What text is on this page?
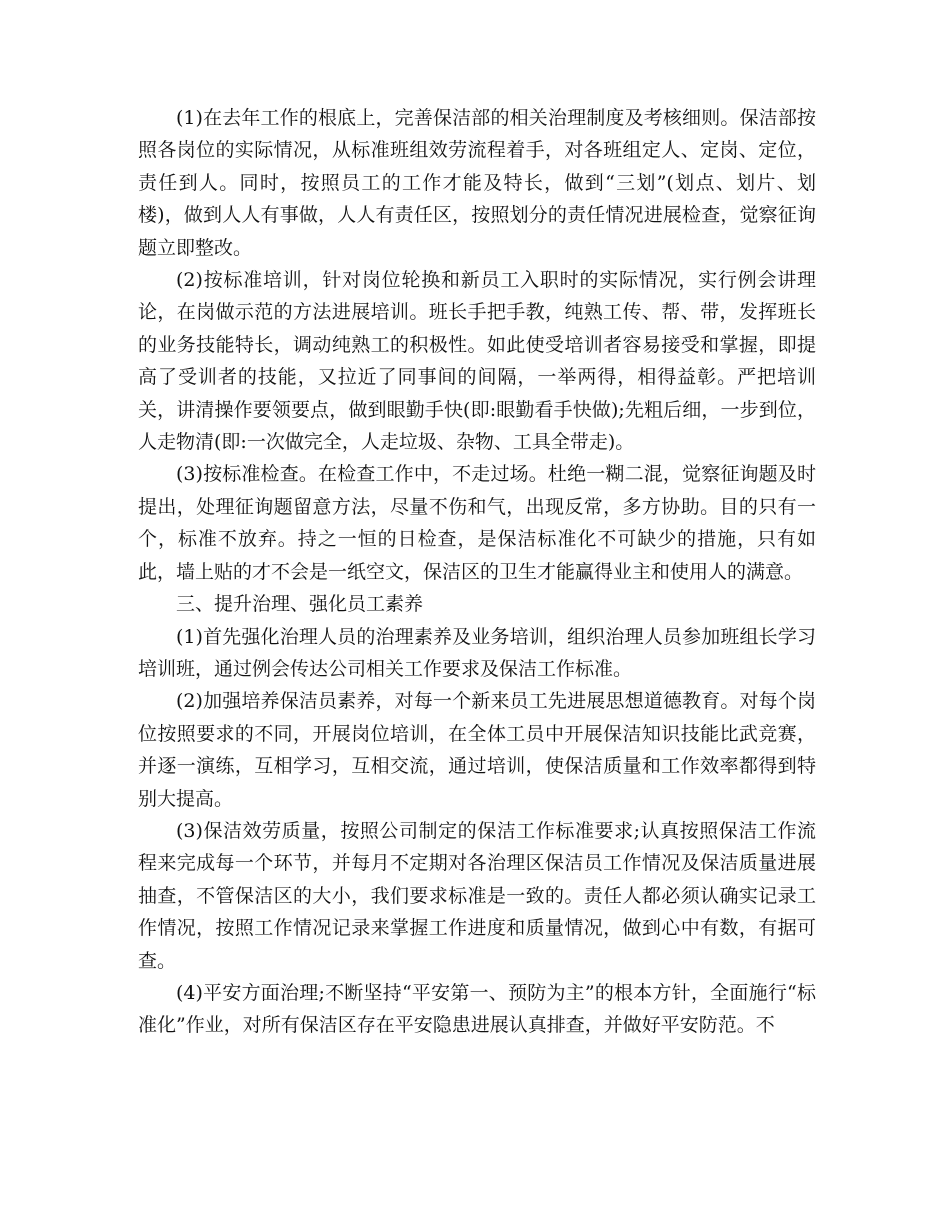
(1)在去年工作的根底上，完善保洁部的相关治理制度及考核细则。保洁部按照各岗位的实际情况，从标准班组效劳流程着手，对各班组定人、定岗、定位，责任到人。同时，按照员工的工作才能及特长，做到“三划”(划点、划片、划楼)，做到人人有事做，人人有责任区，按照划分的责任情况进展检查，觉察征询题立即整改。

(2)按标准培训，针对岗位轮换和新员工入职时的实际情况，实行例会讲理论，在岗做示范的方法进展培训。班长手把手教，纯熟工传、帮、带，发挥班长的业务技能特长，调动纯熟工的积极性。如此使受培训者容易接受和掌握，即提高了受训者的技能，又拉近了同事间的间隔，一举两得，相得益彰。严把培训关，讲清操作要领要点，做到眼勤手快(即:眼勤看手快做);先粗后细，一步到位，人走物清(即:一次做完全，人走垃圾、杂物、工具全带走)。

(3)按标准检查。在检查工作中，不走过场。杜绝一糊二混，觉察征询题及时提出，处理征询题留意方法，尽量不伤和气，出现反常，多方协助。目的只有一个，标准不放弃。持之一恒的日检查，是保洁标准化不可缺少的措施，只有如此，墙上贴的才不会是一纸空文，保洁区的卫生才能赢得业主和使用人的满意。

三、提升治理、强化员工素养

(1)首先强化治理人员的治理素养及业务培训，组织治理人员参加班组长学习培训班，通过例会传达公司相关工作要求及保洁工作标准。

(2)加强培养保洁员素养，对每一个新来员工先进展思想道德教育。对每个岗位按照要求的不同，开展岗位培训，在全体工员中开展保洁知识技能比武竞赛，并逐一演练，互相学习，互相交流，通过培训，使保洁质量和工作效率都得到特别大提高。

(3)保洁效劳质量，按照公司制定的保洁工作标准要求;认真按照保洁工作流程来完成每一个环节，并每月不定期对各治理区保洁员工作情况及保洁质量进展抽查，不管保洁区的大小，我们要求标准是一致的。责任人都必须认确实记录工作情况，按照工作情况记录来掌握工作进度和质量情况，做到心中有数，有据可查。

(4)平安方面治理;不断坚持“平安第一、预防为主”的根本方针，全面施行“标准化”作业，对所有保洁区存在平安隐患进展认真排查，并做好平安防范。不
